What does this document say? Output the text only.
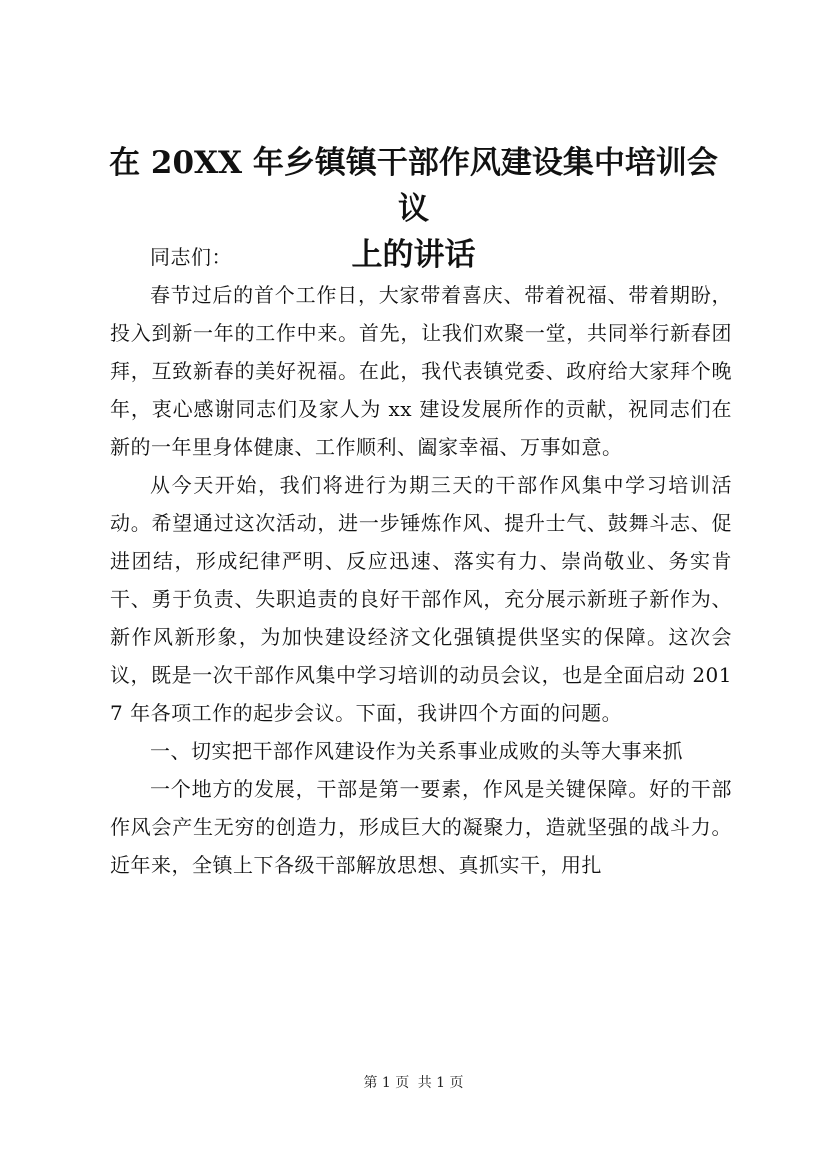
在 20XX 年乡镇镇干部作风建设集中培训会议
上的讲话

同志们：

春节过后的首个工作日，大家带着喜庆、带着祝福、带着期盼，投入到新一年的工作中来。首先，让我们欢聚一堂，共同举行新春团拜，互致新春的美好祝福。在此，我代表镇党委、政府给大家拜个晚年，衷心感谢同志们及家人为 xx 建设发展所作的贡献，祝同志们在新的一年里身体健康、工作顺利、阖家幸福、万事如意。

从今天开始，我们将进行为期三天的干部作风集中学习培训活动。希望通过这次活动，进一步锤炼作风、提升士气、鼓舞斗志、促进团结，形成纪律严明、反应迅速、落实有力、崇尚敬业、务实肯干、勇于负责、失职追责的良好干部作风，充分展示新班子新作为、新作风新形象，为加快建设经济文化强镇提供坚实的保障。这次会议，既是一次干部作风集中学习培训的动员会议，也是全面启动 2017 年各项工作的起步会议。下面，我讲四个方面的问题。

一、切实把干部作风建设作为关系事业成败的头等大事来抓

一个地方的发展，干部是第一要素，作风是关键保障。好的干部作风会产生无穷的创造力，形成巨大的凝聚力，造就坚强的战斗力。近年来，全镇上下各级干部解放思想、真抓实干，用扎

第 1 页 共 1 页
